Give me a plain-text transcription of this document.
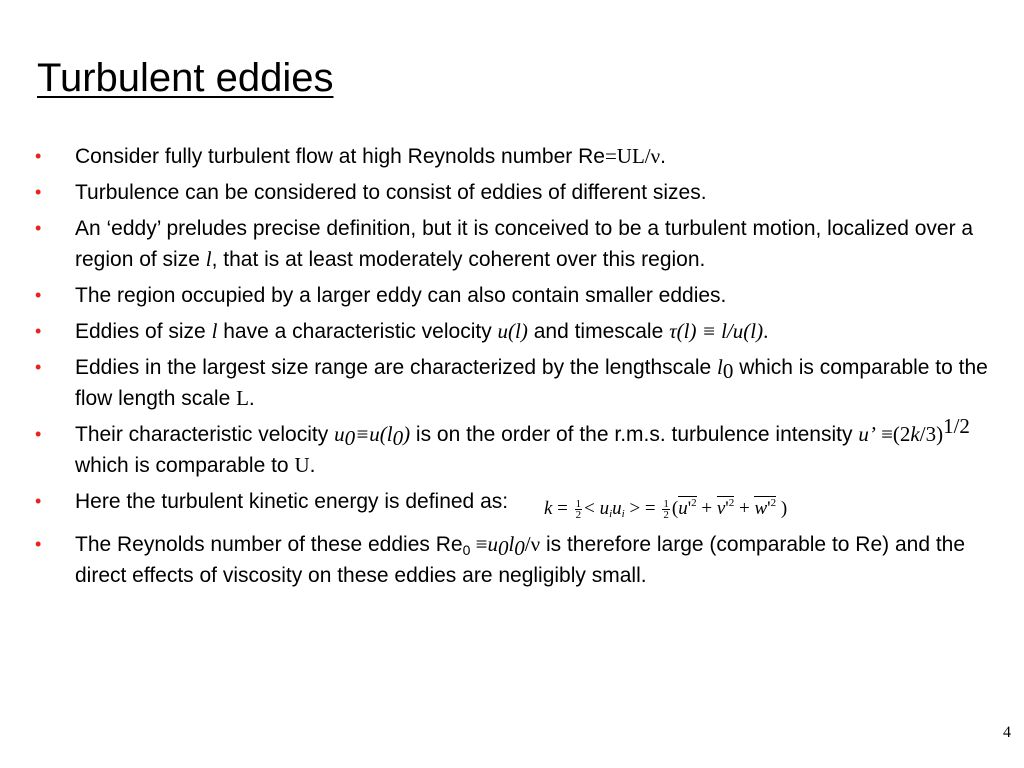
Turbulent eddies
• Consider fully turbulent flow at high Reynolds number Re=UL/ν.
• Turbulence can be considered to consist of eddies of different sizes.
• An ‘eddy’ preludes precise definition, but it is conceived to be a turbulent motion, localized over a region of size l, that is at least moderately coherent over this region.
• The region occupied by a larger eddy can also contain smaller eddies.
• Eddies of size l have a characteristic velocity u(l) and timescale τ(l) ≡ l/u(l).
• Eddies in the largest size range are characterized by the lengthscale $l_0$ which is comparable to the flow length scale L.
• Their characteristic velocity $u_0\equiv u(l_0)$ is on the order of the r.m.s. turbulence intensity u’ $\equiv(2k/3)^{1/2}$ which is comparable to U.
• Here the turbulent kinetic energy is defined as: $k = \frac{1}{2}$ < uiui > = $\frac{1}{2} (u'^2 + v'^2 + w'^2$ )
• The Reynolds number of these eddies $Re_0 \equiv u_0l_0/\nu$ is therefore large (comparable to Re) and the direct effects of viscosity on these eddies are negligibly small.
4
